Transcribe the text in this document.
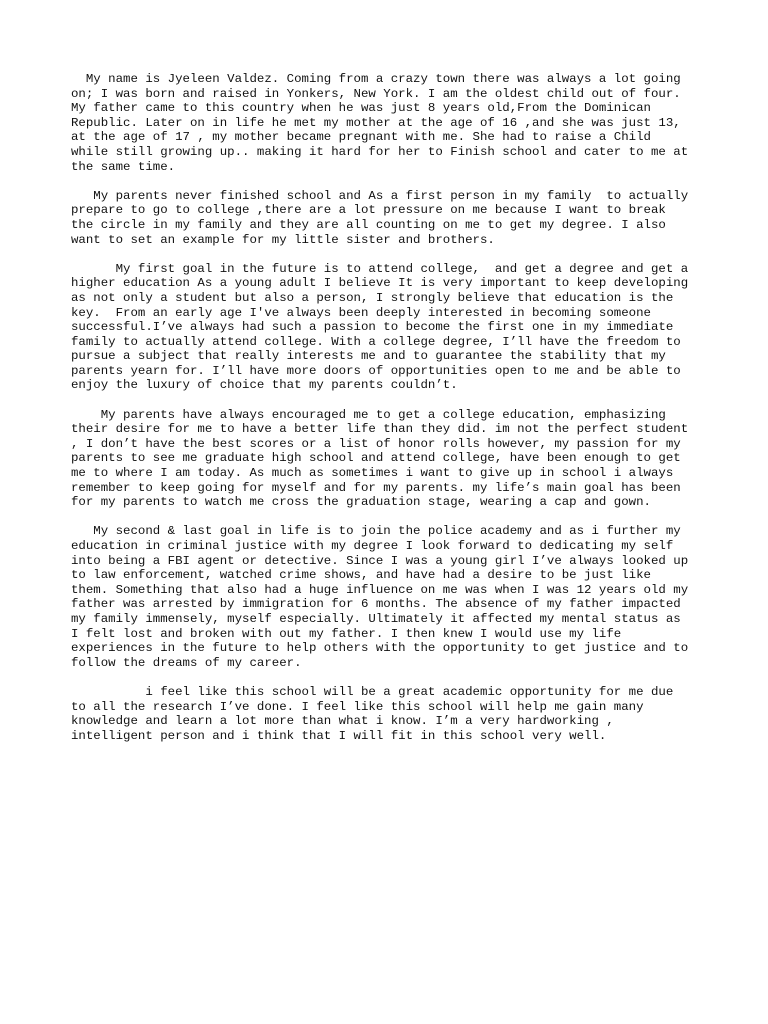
My name is Jyeleen Valdez. Coming from a crazy town there was always a lot going
on; I was born and raised in Yonkers, New York. I am the oldest child out of four.
My father came to this country when he was just 8 years old,From the Dominican
Republic. Later on in life he met my mother at the age of 16 ,and she was just 13,
at the age of 17 , my mother became pregnant with me. She had to raise a Child
while still growing up.. making it hard for her to Finish school and cater to me at
the same time.

My parents never finished school and As a first person in my family  to actually
prepare to go to college ,there are a lot pressure on me because I want to break
the circle in my family and they are all counting on me to get my degree. I also
want to set an example for my little sister and brothers.

My first goal in the future is to attend college,  and get a degree and get a
higher education As a young adult I believe It is very important to keep developing
as not only a student but also a person, I strongly believe that education is the
key.  From an early age I've always been deeply interested in becoming someone
successful.I’ve always had such a passion to become the first one in my immediate
family to actually attend college. With a college degree, I’ll have the freedom to
pursue a subject that really interests me and to guarantee the stability that my
parents yearn for. I’ll have more doors of opportunities open to me and be able to
enjoy the luxury of choice that my parents couldn’t.

My parents have always encouraged me to get a college education, emphasizing
their desire for me to have a better life than they did. im not the perfect student
, I don’t have the best scores or a list of honor rolls however, my passion for my
parents to see me graduate high school and attend college, have been enough to get
me to where I am today. As much as sometimes i want to give up in school i always
remember to keep going for myself and for my parents. my life’s main goal has been
for my parents to watch me cross the graduation stage, wearing a cap and gown.

My second & last goal in life is to join the police academy and as i further my
education in criminal justice with my degree I look forward to dedicating my self
into being a FBI agent or detective. Since I was a young girl I’ve always looked up
to law enforcement, watched crime shows, and have had a desire to be just like
them. Something that also had a huge influence on me was when I was 12 years old my
father was arrested by immigration for 6 months. The absence of my father impacted
my family immensely, myself especially. Ultimately it affected my mental status as
I felt lost and broken with out my father. I then knew I would use my life
experiences in the future to help others with the opportunity to get justice and to
follow the dreams of my career.

i feel like this school will be a great academic opportunity for me due
to all the research I’ve done. I feel like this school will help me gain many
knowledge and learn a lot more than what i know. I’m a very hardworking ,
intelligent person and i think that I will fit in this school very well.
